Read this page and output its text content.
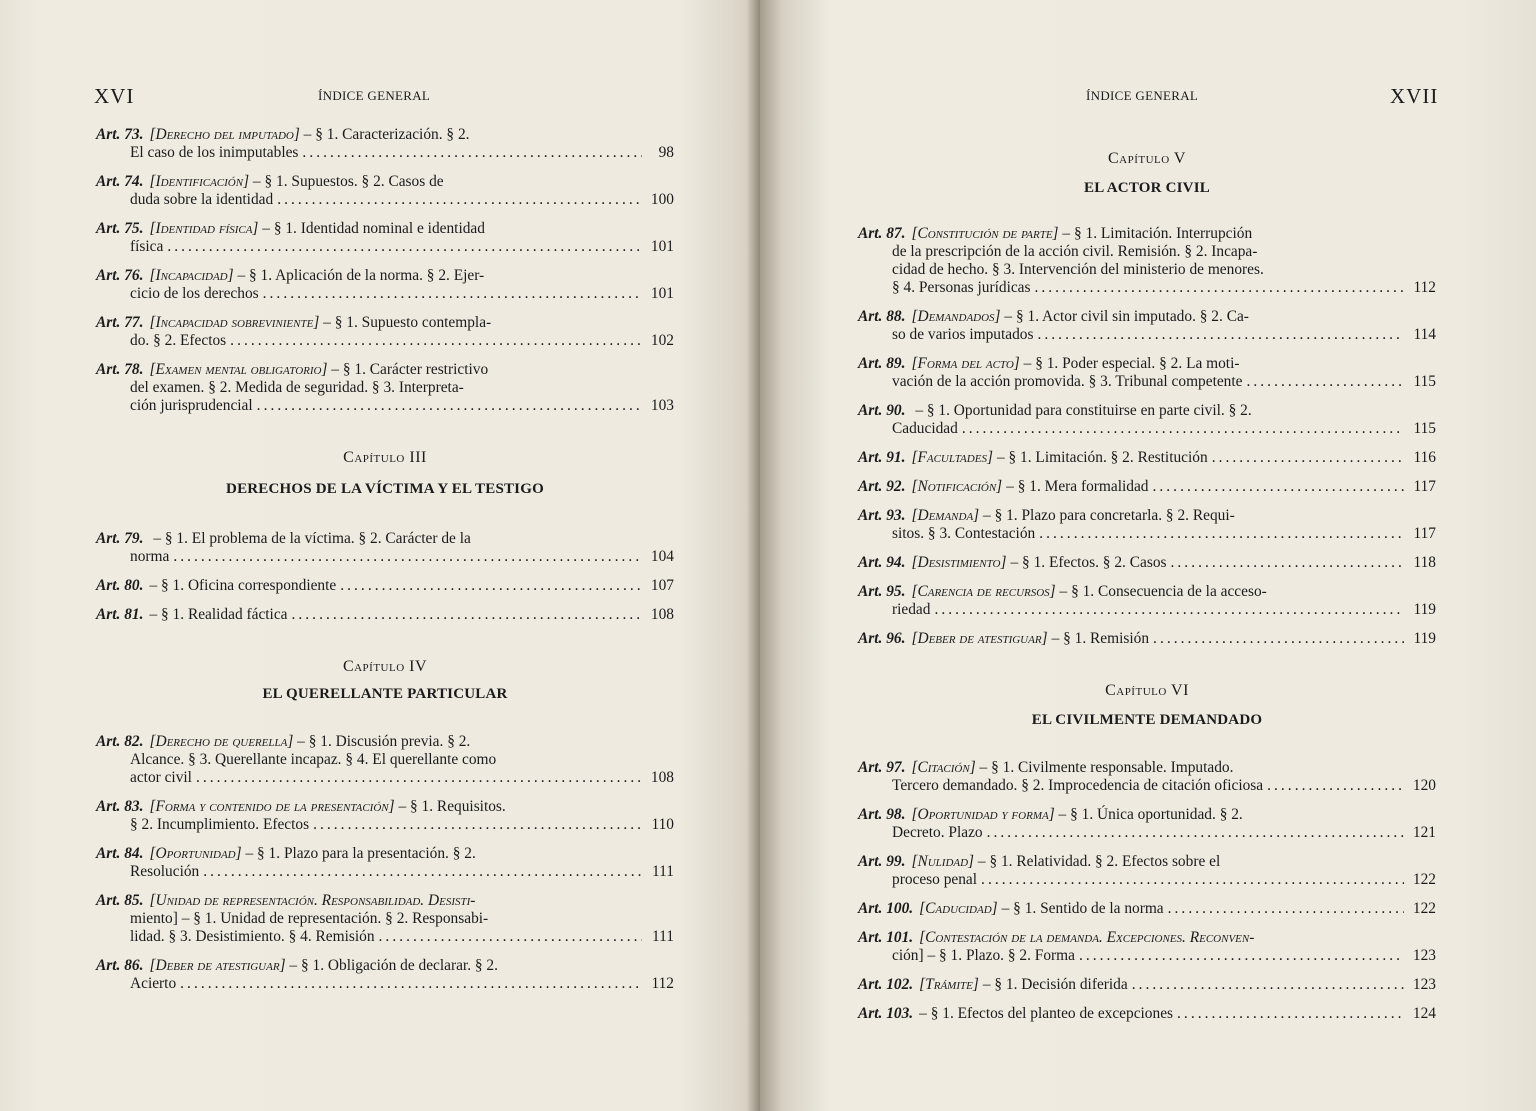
XVI	ÍNDICE GENERAL
Art. 73. [Derecho del imputado] – § 1. Caracterización. § 2.
El caso de los inimputables . . .	98
Art. 74. [Identificación] – § 1. Supuestos. § 2. Casos de
duda sobre la identidad . . .	100
Art. 75. [Identidad física] – § 1. Identidad nominal e identidad
física . . .	101
Art. 76. [Incapacidad] – § 1. Aplicación de la norma. § 2. Ejer-
cicio de los derechos . . .	101
Art. 77. [Incapacidad sobreviniente] – § 1. Supuesto contempla-
do. § 2. Efectos . . .	102
Art. 78. [Examen mental obligatorio] – § 1. Carácter restrictivo
del examen. § 2. Medida de seguridad. § 3. Interpreta-
ción jurisprudencial . . .	103
Capítulo III
DERECHOS DE LA VÍCTIMA Y EL TESTIGO
Art. 79. – § 1. El problema de la víctima. § 2. Carácter de la
norma . . .	104
Art. 80. – § 1. Oficina correspondiente . . .	107
Art. 81. – § 1. Realidad fáctica . . .	108
Capítulo IV
EL QUERELLANTE PARTICULAR
Art. 82. [Derecho de querella] – § 1. Discusión previa. § 2.
Alcance. § 3. Querellante incapaz. § 4. El querellante como
actor civil . . .	108
Art. 83. [Forma y contenido de la presentación] – § 1. Requisitos.
§ 2. Incumplimiento. Efectos . . .	110
Art. 84. [Oportunidad] – § 1. Plazo para la presentación. § 2.
Resolución . . .	111
Art. 85. [Unidad de representación. Responsabilidad. Desisti-
miento] – § 1. Unidad de representación. § 2. Responsabi-
lidad. § 3. Desistimiento. § 4. Remisión . . .	111
Art. 86. [Deber de atestiguar] – § 1. Obligación de declarar. § 2.
Acierto . . .	112
ÍNDICE GENERAL	XVII
Capítulo V
EL ACTOR CIVIL
Art. 87. [Constitución de parte] – § 1. Limitación. Interrupción
de la prescripción de la acción civil. Remisión. § 2. Incapa-
cidad de hecho. § 3. Intervención del ministerio de menores.
§ 4. Personas jurídicas . . .	112
Art. 88. [Demandados] – § 1. Actor civil sin imputado. § 2. Ca-
so de varios imputados . . .	114
Art. 89. [Forma del acto] – § 1. Poder especial. § 2. La moti-
vación de la acción promovida. § 3. Tribunal competente . . .	115
Art. 90. – § 1. Oportunidad para constituirse en parte civil. § 2.
Caducidad . . .	115
Art. 91. [Facultades] – § 1. Limitación. § 2. Restitución . . .	116
Art. 92. [Notificación] – § 1. Mera formalidad . . .	117
Art. 93. [Demanda] – § 1. Plazo para concretarla. § 2. Requi-
sitos. § 3. Contestación . . .	117
Art. 94. [Desistimiento] – § 1. Efectos. § 2. Casos . . .	118
Art. 95. [Carencia de recursos] – § 1. Consecuencia de la acceso-
riedad . . .	119
Art. 96. [Deber de atestiguar] – § 1. Remisión . . .	119
Capítulo VI
EL CIVILMENTE DEMANDADO
Art. 97. [Citación] – § 1. Civilmente responsable. Imputado.
Tercero demandado. § 2. Improcedencia de citación oficiosa . . .	120
Art. 98. [Oportunidad y forma] – § 1. Única oportunidad. § 2.
Decreto. Plazo . . .	121
Art. 99. [Nulidad] – § 1. Relatividad. § 2. Efectos sobre el
proceso penal . . .	122
Art. 100. [Caducidad] – § 1. Sentido de la norma . . .	122
Art. 101. [Contestación de la demanda. Excepciones. Reconven-
ción] – § 1. Plazo. § 2. Forma . . .	123
Art. 102. [Trámite] – § 1. Decisión diferida . . .	123
Art. 103. – § 1. Efectos del planteo de excepciones . . .	124
